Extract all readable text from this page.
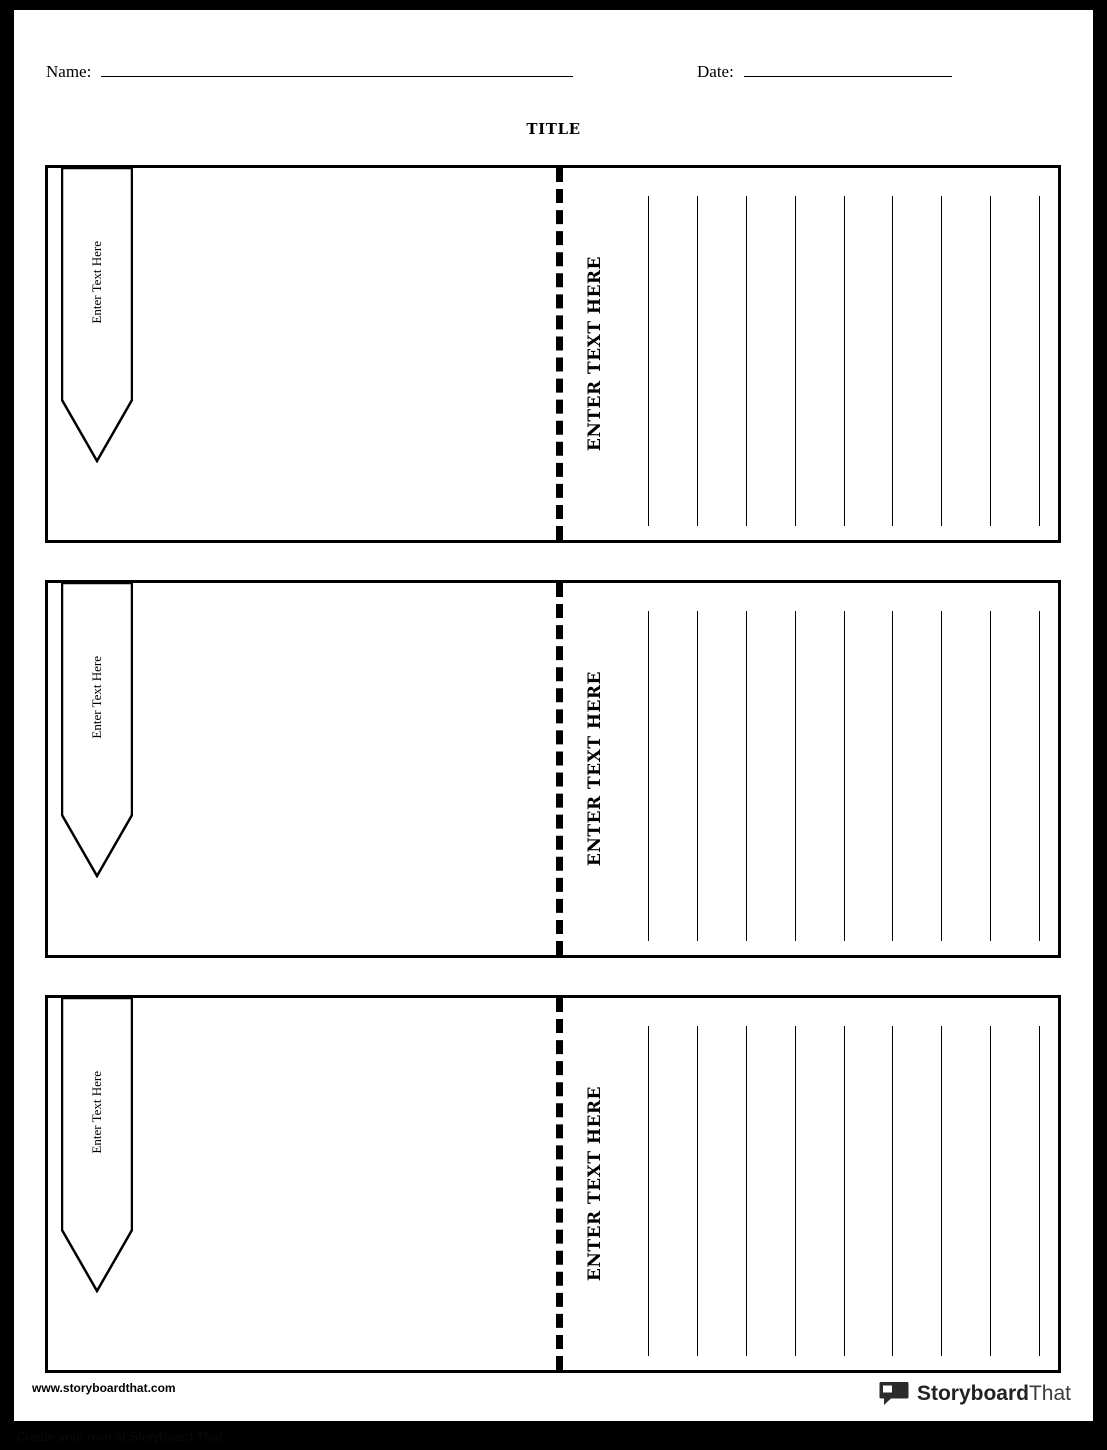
Name:	Date:
TITLE
Enter Text Here	ENTER TEXT HERE
Enter Text Here	ENTER TEXT HERE
Enter Text Here	ENTER TEXT HERE
www.storyboardthat.com	StoryboardThat
Create your own at Storyboard That
